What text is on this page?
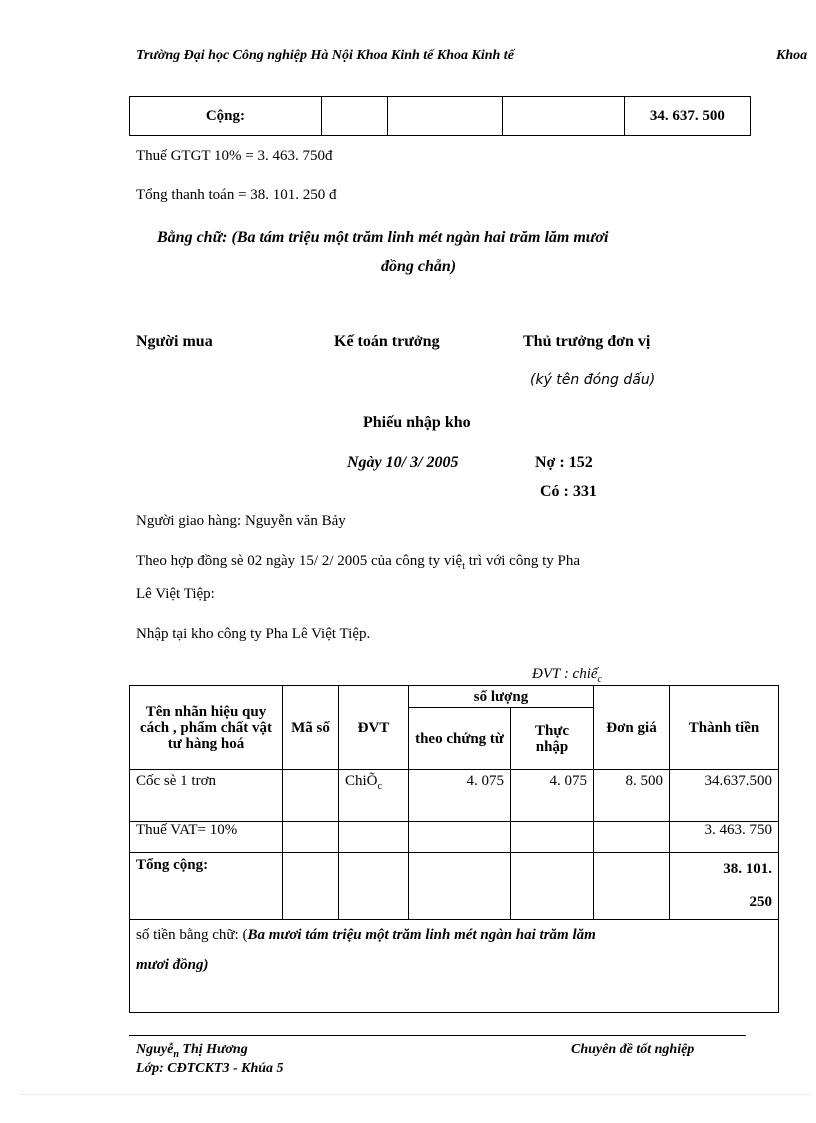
Trường Đại học Công nghiệp Hà Nội Khoa Kinh tế Khoa Kinh tế	Khoa
Cộng:				34. 637. 500
Thuế GTGT 10% = 3. 463. 750đ
Tổng thanh toán = 38. 101. 250 đ
Bằng chữ: (Ba tám triệu một trăm linh mét ngàn hai trăm lăm mươi
đồng chẵn)
Người mua	Kế toán trưởng	Thủ trưởng đơn vị
(ký tên đóng dấu)
Phiếu nhập kho
Ngày 10/ 3/ 2005	Nợ : 152
Có : 331
Người giao hàng: Nguyễn văn Bảy
Theo hợp đồng sè 02 ngày 15/ 2/ 2005 của công ty việ$_t$ trì với công ty Pha
Lê Việt Tiệp:
Nhập tại kho công ty Pha Lê Việt Tiệp.
ĐVT : chiế$_c$
Tên nhãn hiệu quy cách , phẩm chất vật tư hàng hoá	Mã số	ĐVT	số lượng		Đơn giá	Thành tiền
			theo chứng từ	Thực nhập		
Cốc sè 1 trơn		ChiÕ$_c$	4. 075	4. 075	8. 500	34.637.500
Thuế VAT= 10%						3. 463. 750
Tổng cộng:						38. 101.
250

số tiền bằng chữ: (Ba mươi tám triệu một trăm linh mét ngàn hai trăm lăm
mươi đồng)						
Nguyễ$_n$ Thị Hương
Lớp: CĐTCKT3 - Khúa 5
Chuyên đề tốt nghiệp
